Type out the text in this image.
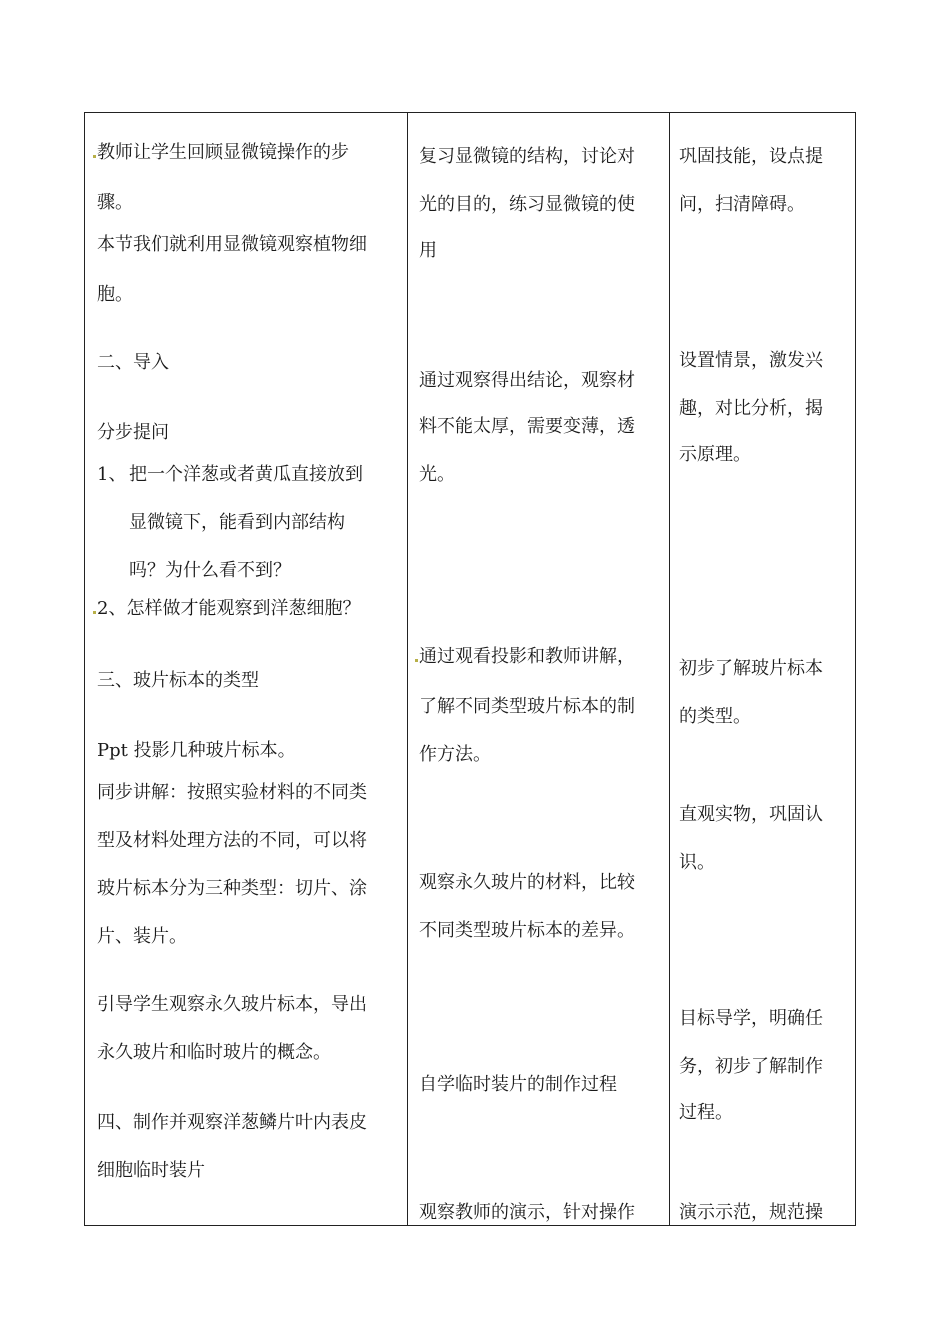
教师让学生回顾显微镜操作的步
骤。
本节我们就利用显微镜观察植物细
胞。
二、导入
分步提问
1、 把一个洋葱或者黄瓜直接放到
显微镜下，能看到内部结构
吗？为什么看不到？
2、怎样做才能观察到洋葱细胞？
三、玻片标本的类型
Ppt 投影几种玻片标本。
同步讲解：按照实验材料的不同类
型及材料处理方法的不同，可以将
玻片标本分为三种类型：切片、涂
片、装片。
引导学生观察永久玻片标本，导出
永久玻片和临时玻片的概念。
四、制作并观察洋葱鳞片叶内表皮
细胞临时装片
复习显微镜的结构，讨论对
光的目的，练习显微镜的使
用
通过观察得出结论，观察材
料不能太厚，需要变薄，透
光。
通过观看投影和教师讲解，
了解不同类型玻片标本的制
作方法。
观察永久玻片的材料，比较
不同类型玻片标本的差异。
自学临时装片的制作过程
观察教师的演示，针对操作
巩固技能，设点提
问，扫清障碍。
设置情景，激发兴
趣，对比分析，揭
示原理。
初步了解玻片标本
的类型。
直观实物，巩固认
识。
目标导学，明确任
务，初步了解制作
过程。
演示示范，规范操
